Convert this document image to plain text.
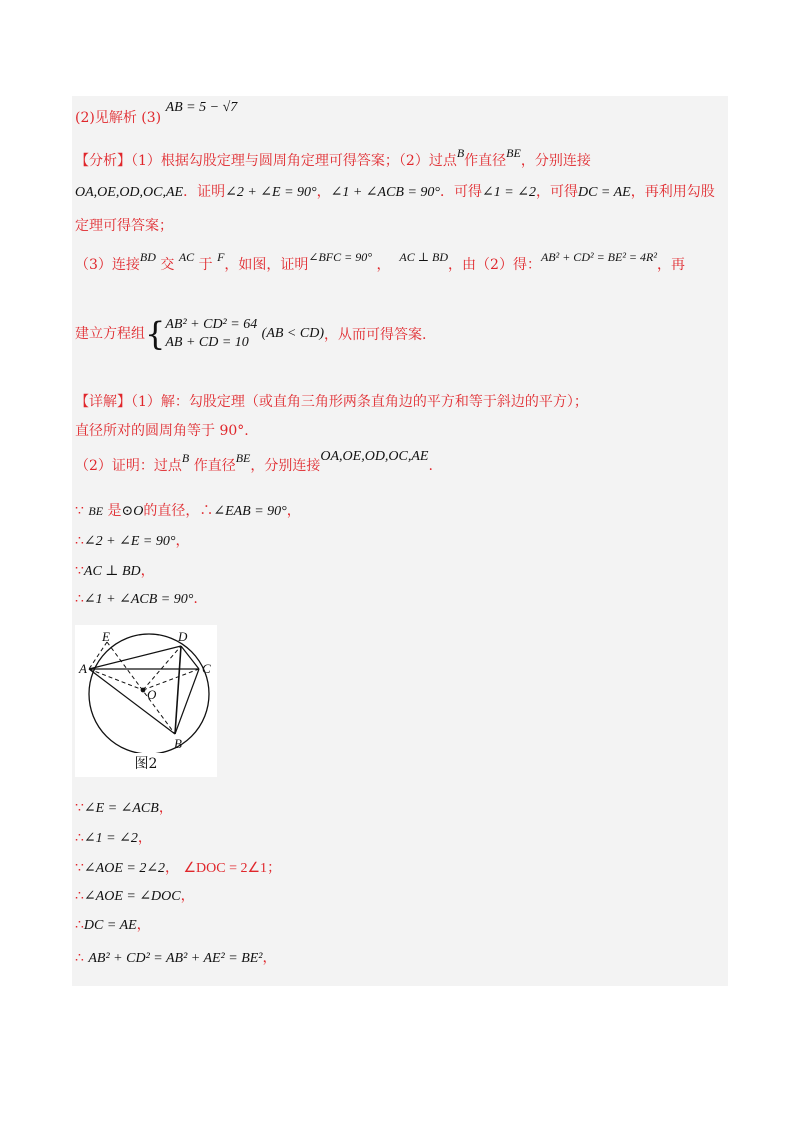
(2)见解析 (3) AB = 5 − √7
【分析】（1）根据勾股定理与圆周角定理可得答案；（2）过点B作直径BE，分别连接
OA,OE,OD,OC,AE．证明∠2 + ∠E = 90°，∠1 + ∠ACB = 90°．可得∠1 = ∠2，可得DC = AE，再利用勾股
定理可得答案；
（3）连接BD 交 AC 于 F，如图，证明∠BFC = 90° ， AC ⊥ BD，由（2）得：AB² + CD² = BE² = 4R²，再
建立方程组{ AB² + CD² = 64
AB + CD = 10
(AB < CD)，从而可得答案.
【详解】（1）解：勾股定理（或直角三角形两条直角边的平方和等于斜边的平方）；
直径所对的圆周角等于 90°.
（2）证明：过点B 作直径BE，分别连接OA,OE,OD,OC,AE.
∵ BE 是⊙O的直径，∴∠EAB = 90°，
∴∠2 + ∠E = 90°，
∵AC ⊥ BD，
∴∠1 + ∠ACB = 90°.
E	D
A	C
O
B
图2
∵∠E = ∠ACB，
∴∠1 = ∠2，
∵∠AOE = 2∠2， ∠DOC = 2∠1；
∴∠AOE = ∠DOC，
∴DC = AE，
∴ AB² + CD² = AB² + AE² = BE²，
